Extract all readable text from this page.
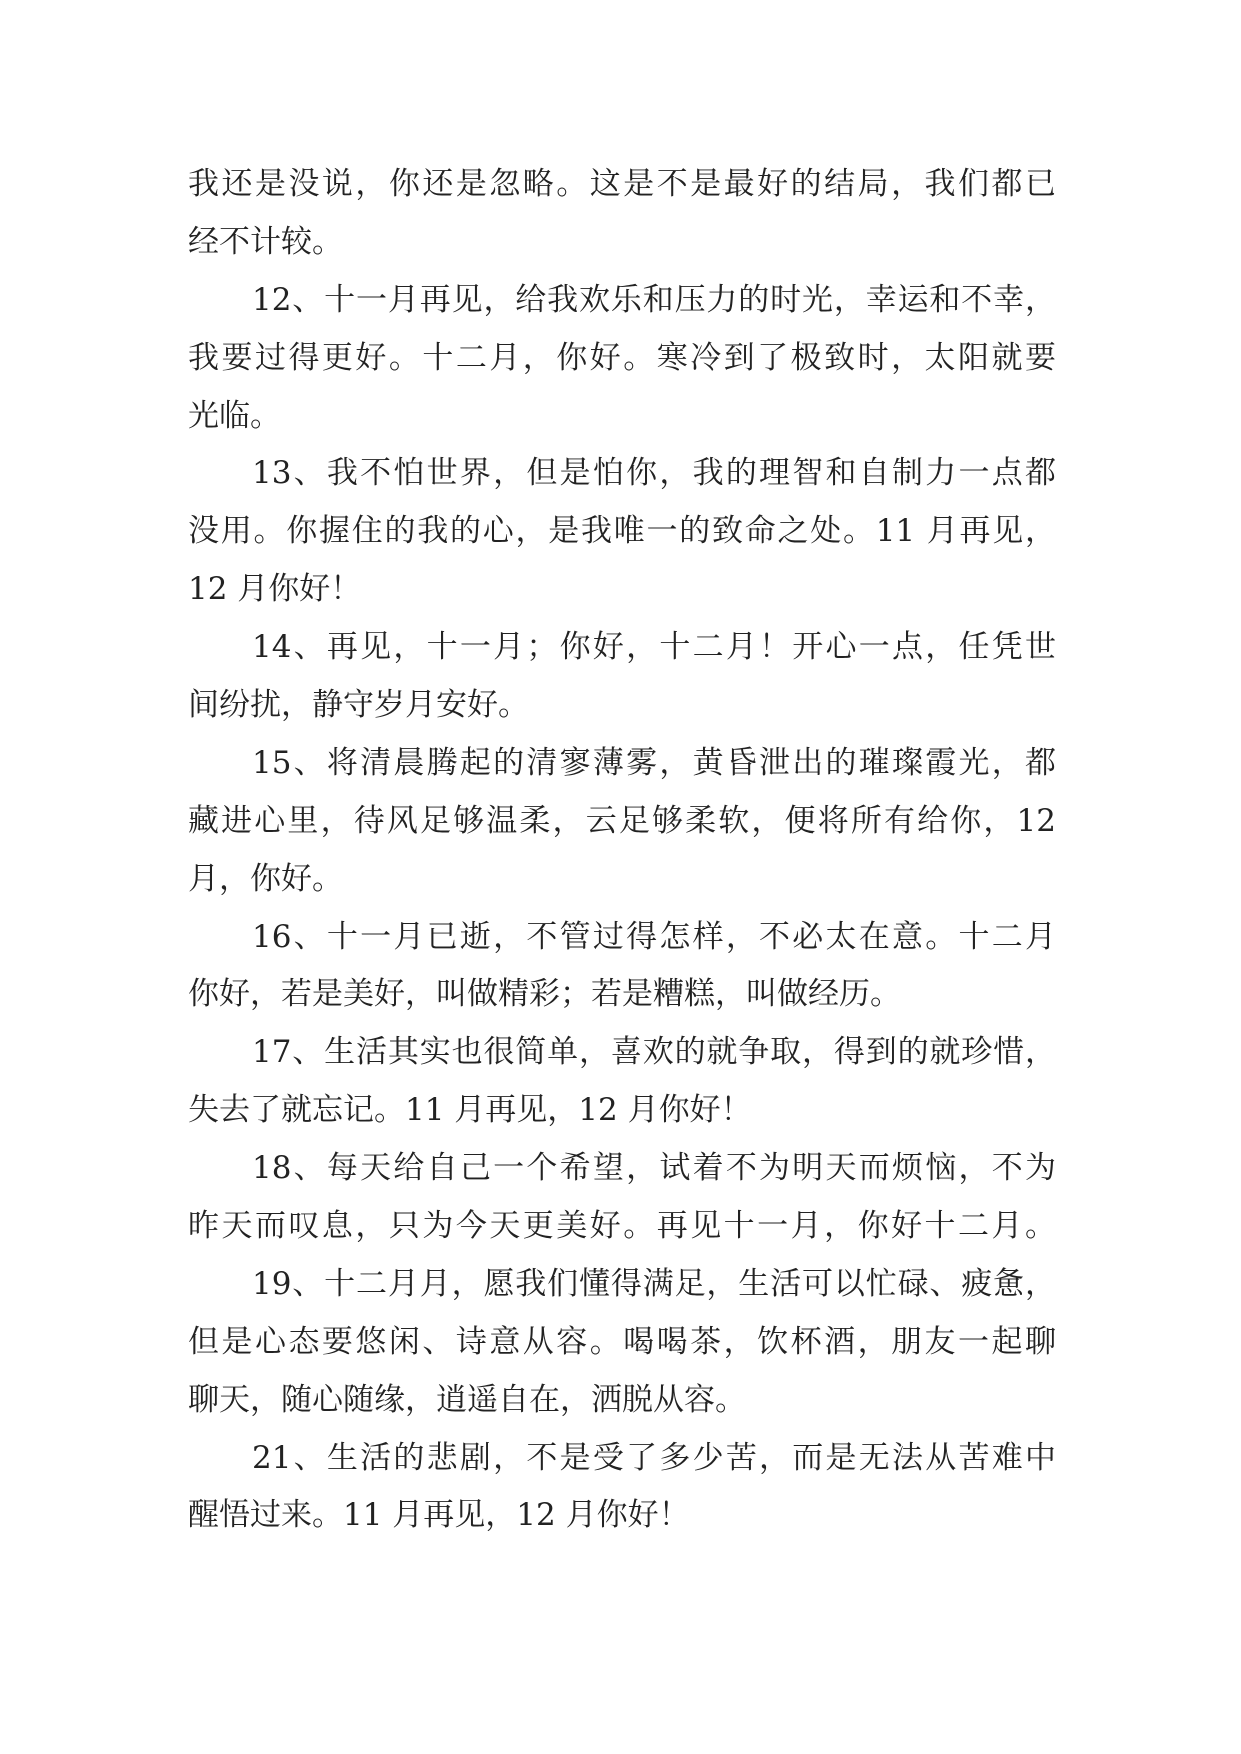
我还是没说，你还是忽略。这是不是最好的结局，我们都已
经不计较。
12、十一月再见，给我欢乐和压力的时光，幸运和不幸，
我要过得更好。十二月，你好。寒冷到了极致时，太阳就要
光临。
13、我不怕世界，但是怕你，我的理智和自制力一点都
没用。你握住的我的心，是我唯一的致命之处。11 月再见，
12 月你好！
14、再见，十一月；你好，十二月！开心一点，任凭世
间纷扰，静守岁月安好。
15、将清晨腾起的清寥薄雾，黄昏泄出的璀璨霞光，都
藏进心里，待风足够温柔，云足够柔软，便将所有给你，12
月，你好。
16、十一月已逝，不管过得怎样，不必太在意。十二月
你好，若是美好，叫做精彩；若是糟糕，叫做经历。
17、生活其实也很简单，喜欢的就争取，得到的就珍惜，
失去了就忘记。11 月再见，12 月你好！
18、每天给自己一个希望，试着不为明天而烦恼，不为
昨天而叹息，只为今天更美好。再见十一月，你好十二月。
19、十二月月，愿我们懂得满足，生活可以忙碌、疲惫，
但是心态要悠闲、诗意从容。喝喝茶，饮杯酒，朋友一起聊
聊天，随心随缘，逍遥自在，洒脱从容。
21、生活的悲剧，不是受了多少苦，而是无法从苦难中
醒悟过来。11 月再见，12 月你好！
